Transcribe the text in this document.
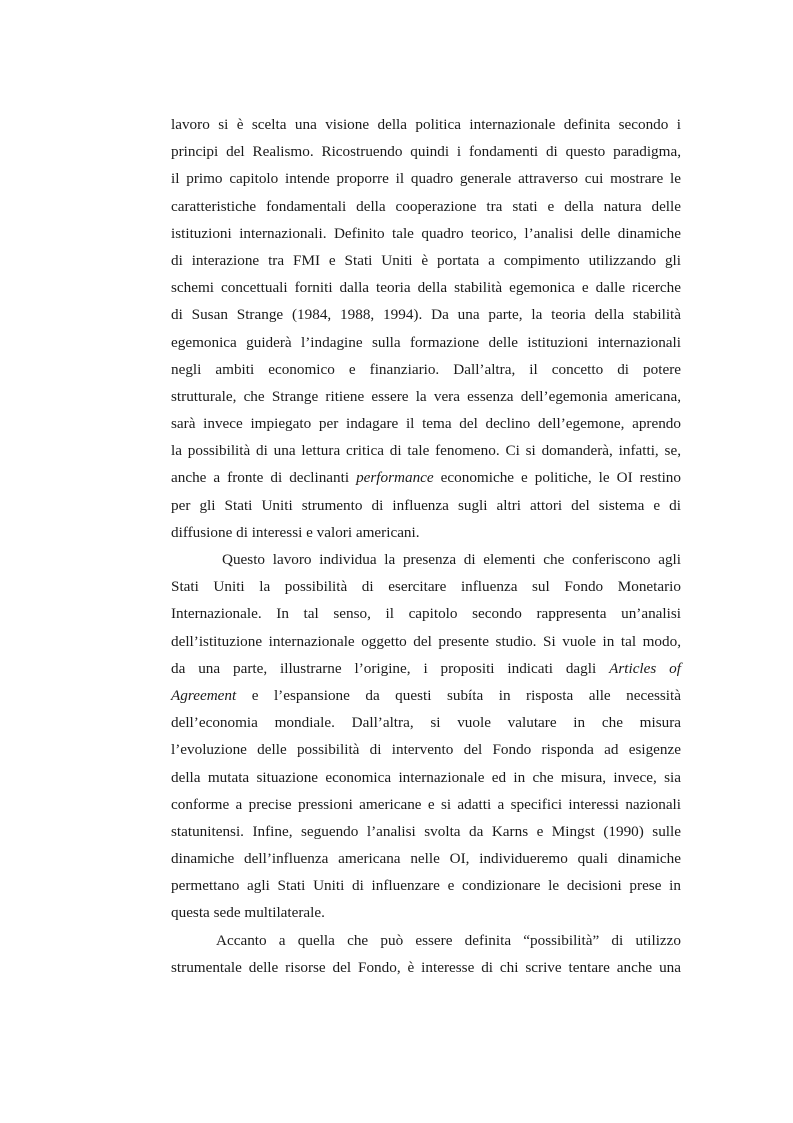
lavoro si è scelta una visione della politica internazionale definita secondo i
principi del Realismo. Ricostruendo quindi i fondamenti di questo paradigma,
il primo capitolo intende proporre il quadro generale attraverso cui mostrare le
caratteristiche fondamentali della cooperazione tra stati e della natura delle
istituzioni internazionali. Definito tale quadro teorico, l’analisi delle dinamiche
di interazione tra FMI e Stati Uniti è portata a compimento utilizzando gli
schemi concettuali forniti dalla teoria della stabilità egemonica e dalle ricerche
di Susan Strange (1984, 1988, 1994). Da una parte, la teoria della stabilità
egemonica guiderà l’indagine sulla formazione delle istituzioni internazionali
negli ambiti economico e finanziario. Dall’altra, il concetto di potere
strutturale, che Strange ritiene essere la vera essenza dell’egemonia americana,
sarà invece impiegato per indagare il tema del declino dell’egemone, aprendo
la possibilità di una lettura critica di tale fenomeno. Ci si domanderà, infatti, se,
anche a fronte di declinanti performance economiche e politiche, le OI restino
per gli Stati Uniti strumento di influenza sugli altri attori del sistema e di
diffusione di interessi e valori americani.
Questo lavoro individua la presenza di elementi che conferiscono agli
Stati Uniti la possibilità di esercitare influenza sul Fondo Monetario
Internazionale. In tal senso, il capitolo secondo rappresenta un’analisi
dell’istituzione internazionale oggetto del presente studio. Si vuole in tal modo,
da una parte, illustrarne l’origine, i propositi indicati dagli Articles of
Agreement e l’espansione da questi subíta in risposta alle necessità
dell’economia mondiale. Dall’altra, si vuole valutare in che misura
l’evoluzione delle possibilità di intervento del Fondo risponda ad esigenze
della mutata situazione economica internazionale ed in che misura, invece, sia
conforme a precise pressioni americane e si adatti a specifici interessi nazionali
statunitensi. Infine, seguendo l’analisi svolta da Karns e Mingst (1990) sulle
dinamiche dell’influenza americana nelle OI, individueremo quali dinamiche
permettano agli Stati Uniti di influenzare e condizionare le decisioni prese in
questa sede multilaterale.
Accanto a quella che può essere definita “possibilità” di utilizzo
strumentale delle risorse del Fondo, è interesse di chi scrive tentare anche una
